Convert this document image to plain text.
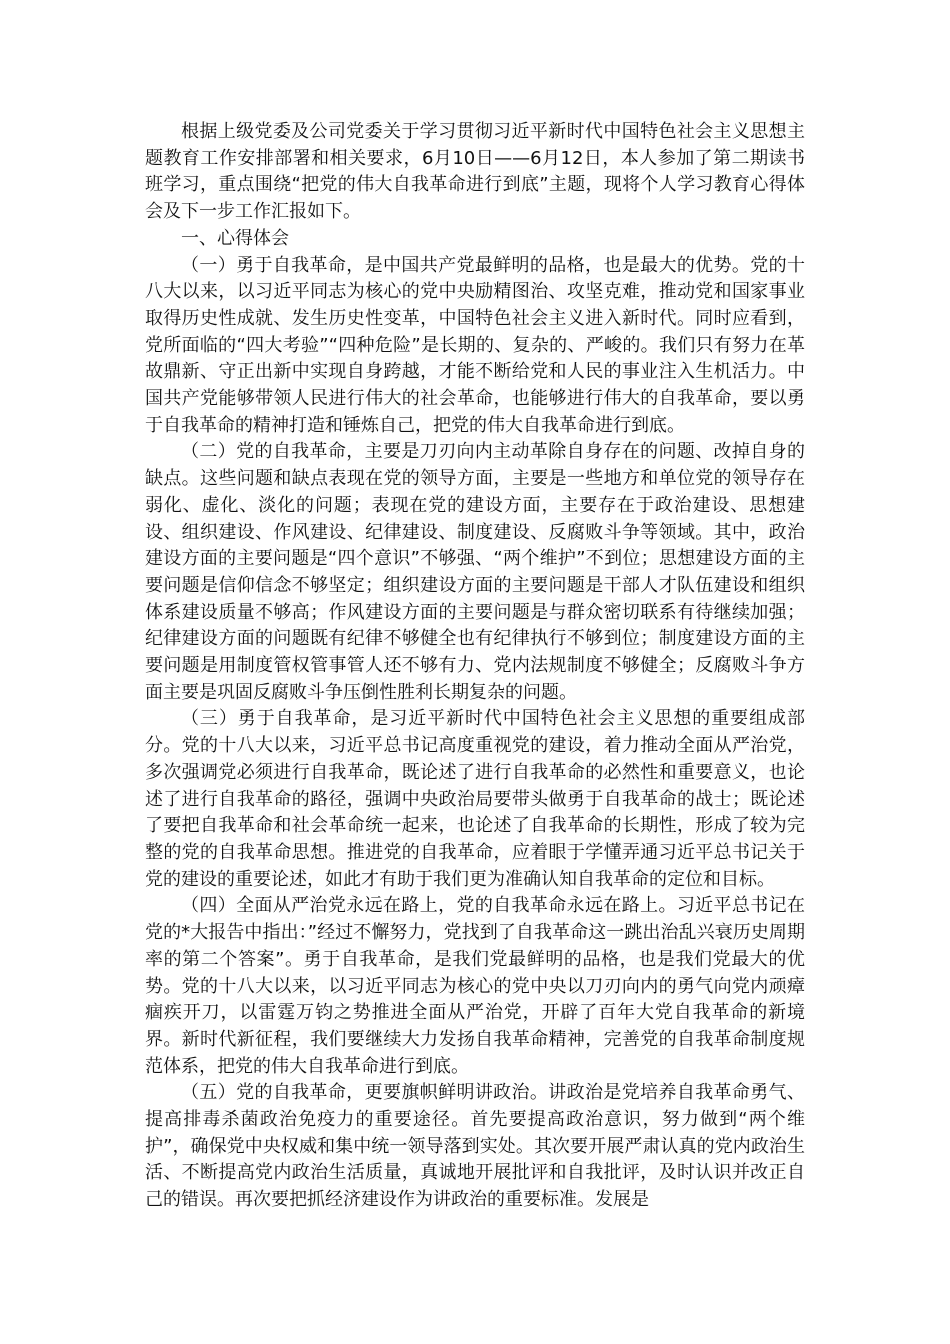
根据上级党委及公司党委关于学习贯彻习近平新时代中国特色社会主义思想主题教育工作安排部署和相关要求，6月10日——6月12日，本人参加了第二期读书班学习，重点围绕“把党的伟大自我革命进行到底”主题，现将个人学习教育心得体会及下一步工作汇报如下。

一、心得体会

（一）勇于自我革命，是中国共产党最鲜明的品格，也是最大的优势。党的十八大以来，以习近平同志为核心的党中央励精图治、攻坚克难，推动党和国家事业取得历史性成就、发生历史性变革，中国特色社会主义进入新时代。同时应看到，党所面临的“四大考验”“四种危险”是长期的、复杂的、严峻的。我们只有努力在革故鼎新、守正出新中实现自身跨越，才能不断给党和人民的事业注入生机活力。中国共产党能够带领人民进行伟大的社会革命，也能够进行伟大的自我革命，要以勇于自我革命的精神打造和锤炼自己，把党的伟大自我革命进行到底。

（二）党的自我革命，主要是刀刃向内主动革除自身存在的问题、改掉自身的缺点。这些问题和缺点表现在党的领导方面，主要是一些地方和单位党的领导存在弱化、虚化、淡化的问题；表现在党的建设方面，主要存在于政治建设、思想建设、组织建设、作风建设、纪律建设、制度建设、反腐败斗争等领域。其中，政治建设方面的主要问题是“四个意识”不够强、“两个维护”不到位；思想建设方面的主要问题是信仰信念不够坚定；组织建设方面的主要问题是干部人才队伍建设和组织体系建设质量不够高；作风建设方面的主要问题是与群众密切联系有待继续加强；纪律建设方面的问题既有纪律不够健全也有纪律执行不够到位；制度建设方面的主要问题是用制度管权管事管人还不够有力、党内法规制度不够健全；反腐败斗争方面主要是巩固反腐败斗争压倒性胜利长期复杂的问题。

（三）勇于自我革命，是习近平新时代中国特色社会主义思想的重要组成部分。党的十八大以来，习近平总书记高度重视党的建设，着力推动全面从严治党，多次强调党必须进行自我革命，既论述了进行自我革命的必然性和重要意义，也论述了进行自我革命的路径，强调中央政治局要带头做勇于自我革命的战士；既论述了要把自我革命和社会革命统一起来，也论述了自我革命的长期性，形成了较为完整的党的自我革命思想。推进党的自我革命，应着眼于学懂弄通习近平总书记关于党的建设的重要论述，如此才有助于我们更为准确认知自我革命的定位和目标。

（四）全面从严治党永远在路上，党的自我革命永远在路上。习近平总书记在党的*大报告中指出：”经过不懈努力，党找到了自我革命这一跳出治乱兴衰历史周期率的第二个答案”。勇于自我革命，是我们党最鲜明的品格，也是我们党最大的优势。党的十八大以来，以习近平同志为核心的党中央以刀刃向内的勇气向党内顽瘴痼疾开刀，以雷霆万钧之势推进全面从严治党，开辟了百年大党自我革命的新境界。新时代新征程，我们要继续大力发扬自我革命精神，完善党的自我革命制度规范体系，把党的伟大自我革命进行到底。

（五）党的自我革命，更要旗帜鲜明讲政治。讲政治是党培养自我革命勇气、提高排毒杀菌政治免疫力的重要途径。首先要提高政治意识，努力做到“两个维护”，确保党中央权威和集中统一领导落到实处。其次要开展严肃认真的党内政治生活、不断提高党内政治生活质量，真诚地开展批评和自我批评，及时认识并改正自己的错误。再次要把抓经济建设作为讲政治的重要标准。发展是
